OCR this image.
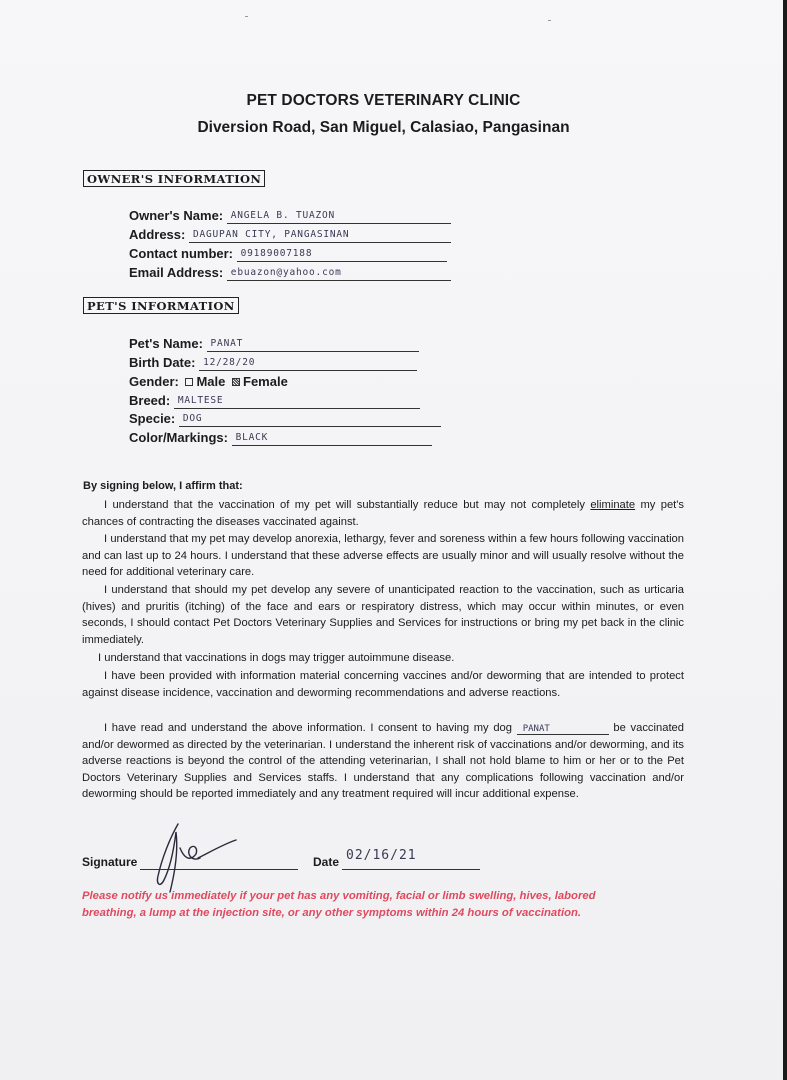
PET DOCTORS VETERINARY CLINIC
Diversion Road, San Miguel, Calasiao, Pangasinan
OWNER'S INFORMATION
Owner's Name: ANGELA B. TUAZON
Address: DAGUPAN CITY, PANGASINAN
Contact number: 09189007188
Email Address: ebuazon@yahoo.com
PET'S INFORMATION
Pet's Name: PANAT
Birth Date: 12/28/20
Gender: Male Female
Breed: MALTESE
Specie: DOG
Color/Markings: BLACK
By signing below, I affirm that:

I understand that the vaccination of my pet will substantially reduce but may not completely eliminate my pet's chances of contracting the diseases vaccinated against.

I understand that my pet may develop anorexia, lethargy, fever and soreness within a few hours following vaccination and can last up to 24 hours. I understand that these adverse effects are usually minor and will usually resolve without the need for additional veterinary care.

I understand that should my pet develop any severe of unanticipated reaction to the vaccination, such as urticaria (hives) and pruritis (itching) of the face and ears or respiratory distress, which may occur within minutes, or even seconds, I should contact Pet Doctors Veterinary Supplies and Services for instructions or bring my pet back in the clinic immediately.

I understand that vaccinations in dogs may trigger autoimmune disease.

I have been provided with information material concerning vaccines and/or deworming that are intended to protect against disease incidence, vaccination and deworming recommendations and adverse reactions.

I have read and understand the above information. I consent to having my dog PANAT	be vaccinated and/or dewormed as directed by the veterinarian. I understand the inherent risk of vaccinations and/or deworming, and its adverse reactions is beyond the control of the attending veterinarian, I shall not hold blame to him or her or to the Pet Doctors Veterinary Supplies and Services staffs. I understand that any complications following vaccination and/or deworming should be reported immediately and any treatment required will incur additional expense.

Signature	Date 02/16/21
Please notify us immediately if your pet has any vomiting, facial or limb swelling, hives, labored breathing, a lump at the injection site, or any other symptoms within 24 hours of vaccination.
